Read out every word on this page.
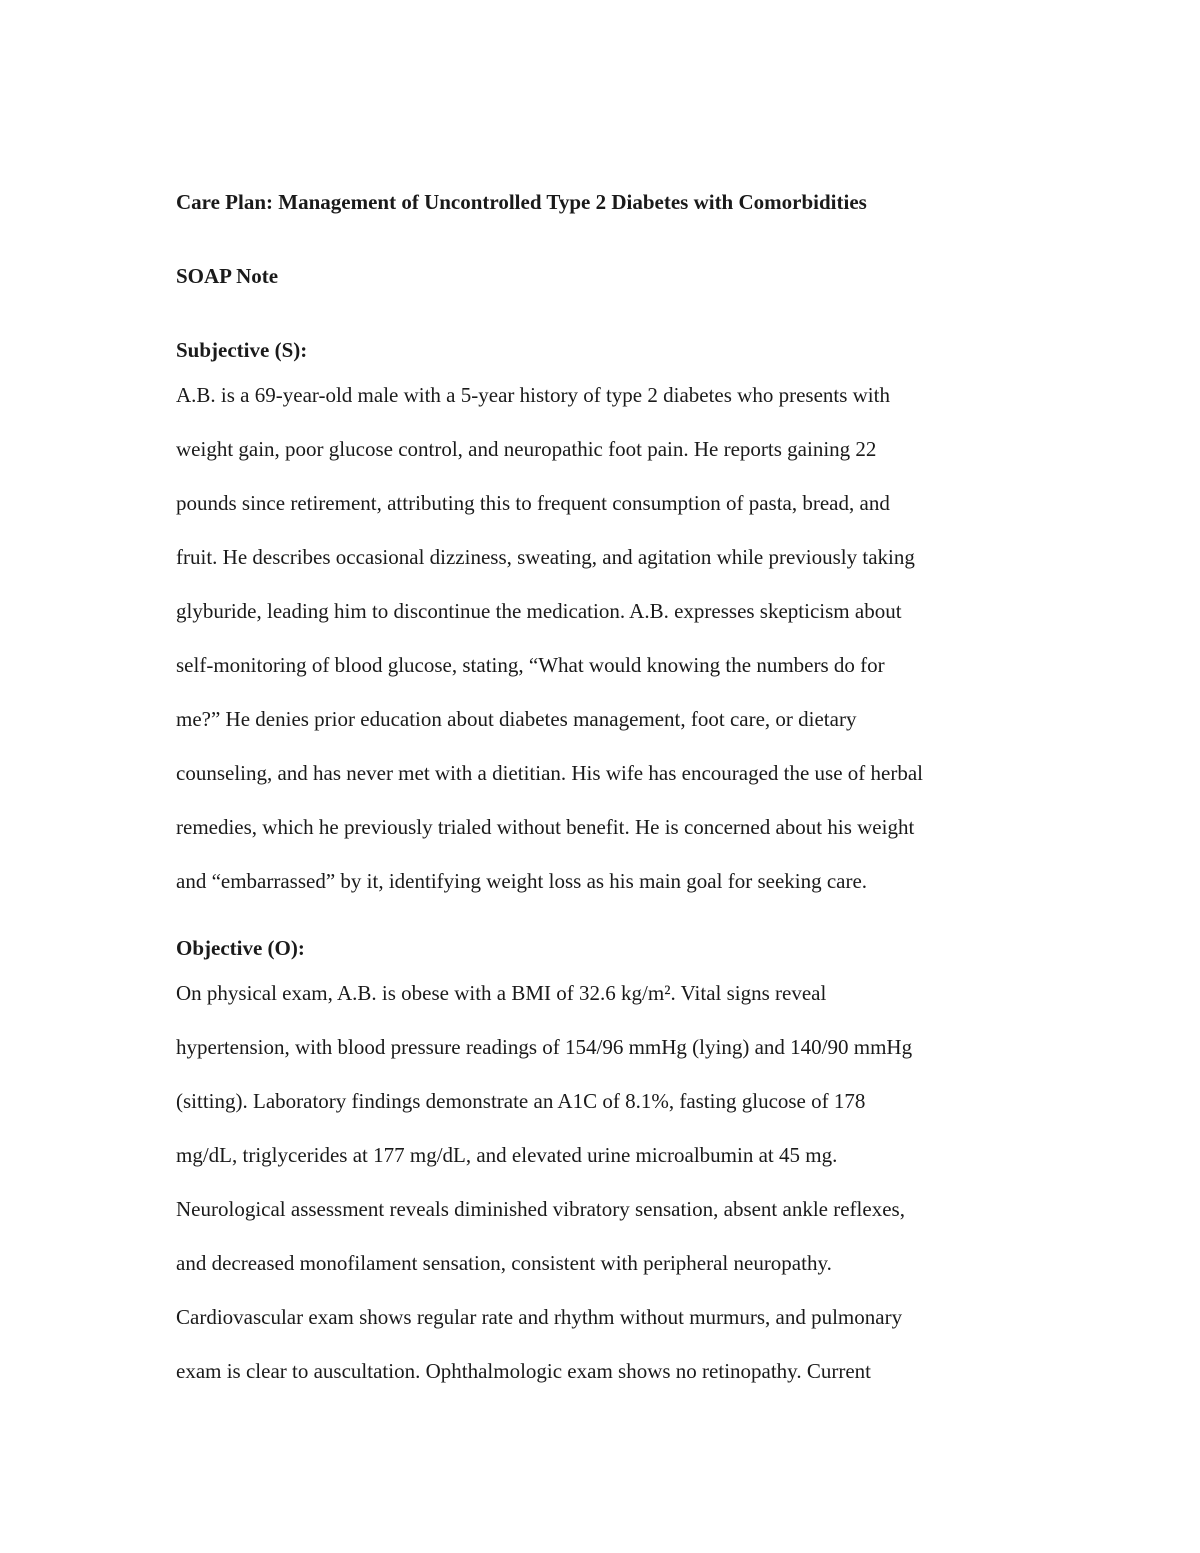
Care Plan: Management of Uncontrolled Type 2 Diabetes with Comorbidities

SOAP Note

Subjective (S):

A.B. is a 69-year-old male with a 5-year history of type 2 diabetes who presents with
weight gain, poor glucose control, and neuropathic foot pain. He reports gaining 22
pounds since retirement, attributing this to frequent consumption of pasta, bread, and
fruit. He describes occasional dizziness, sweating, and agitation while previously taking
glyburide, leading him to discontinue the medication. A.B. expresses skepticism about
self-monitoring of blood glucose, stating, “What would knowing the numbers do for
me?” He denies prior education about diabetes management, foot care, or dietary
counseling, and has never met with a dietitian. His wife has encouraged the use of herbal
remedies, which he previously trialed without benefit. He is concerned about his weight
and “embarrassed” by it, identifying weight loss as his main goal for seeking care.

Objective (O):

On physical exam, A.B. is obese with a BMI of 32.6 kg/m². Vital signs reveal
hypertension, with blood pressure readings of 154/96 mmHg (lying) and 140/90 mmHg
(sitting). Laboratory findings demonstrate an A1C of 8.1%, fasting glucose of 178
mg/dL, triglycerides at 177 mg/dL, and elevated urine microalbumin at 45 mg.
Neurological assessment reveals diminished vibratory sensation, absent ankle reflexes,
and decreased monofilament sensation, consistent with peripheral neuropathy.
Cardiovascular exam shows regular rate and rhythm without murmurs, and pulmonary
exam is clear to auscultation. Ophthalmologic exam shows no retinopathy. Current
